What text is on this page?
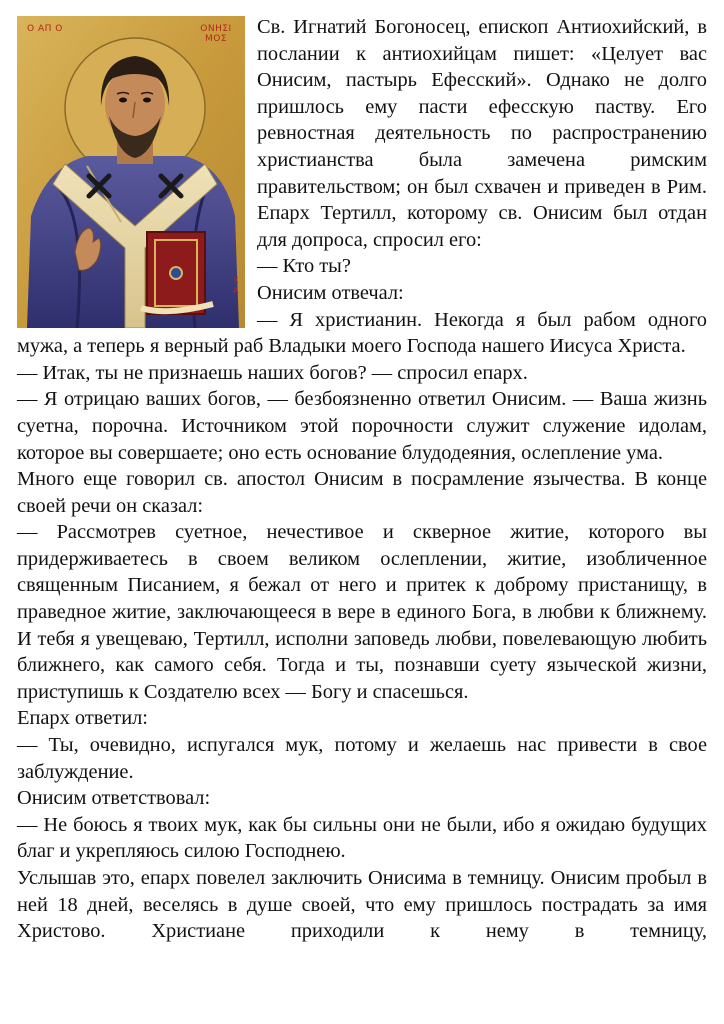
Ο ΑΠ Ο	ΟΝΗΣΙ ΜΟΣ
Χ Α

Св. Игнатий Богоносец, епископ Антиохийский, в послании к антиохийцам пишет: «Целует вас Онисим, пастырь Ефесский». Однако не долго пришлось ему пасти ефесскую паству. Его ревностная деятельность по распространению христианства была замечена римским правительством; он был схвачен и приведен в Рим. Епарх Тертилл, которому св. Онисим был отдан для допроса, спросил его:

— Кто ты?

Онисим отвечал:

— Я христианин. Некогда я был рабом одного мужа, а теперь я верный раб Владыки моего Господа нашего Иисуса Христа.

— Итак, ты не признаешь наших богов? — спросил епарх.

— Я отрицаю ваших богов, — безбоязненно ответил Онисим. — Ваша жизнь суетна, порочна. Источником этой порочности служит служение идолам, которое вы совершаете; оно есть основание блудодеяния, ослепление ума.

Много еще говорил св. апостол Онисим в посрамление язычества. В конце своей речи он сказал:

— Рассмотрев суетное, нечестивое и скверное житие, которого вы придерживаетесь в своем великом ослеплении, житие, изобличенное священным Писанием, я бежал от него и притек к доброму пристанищу, в праведное житие, заключающееся в вере в единого Бога, в любви к ближнему. И тебя я увещеваю, Тертилл, исполни заповедь любви, повелевающую любить ближнего, как самого себя. Тогда и ты, познавши суету языческой жизни, приступишь к Создателю всех — Богу и спасешься.

Епарх ответил:

— Ты, очевидно, испугался мук, потому и желаешь нас привести в свое заблуждение.

Онисим ответствовал:

— Не боюсь я твоих мук, как бы сильны они не были, ибо я ожидаю будущих благ и укрепляюсь силою Господнею.

Услышав это, епарх повелел заключить Онисима в темницу. Онисим пробыл в ней 18 дней, веселясь в душе своей, что ему пришлось пострадать за имя Христово. Христиане приходили к нему в темницу,
